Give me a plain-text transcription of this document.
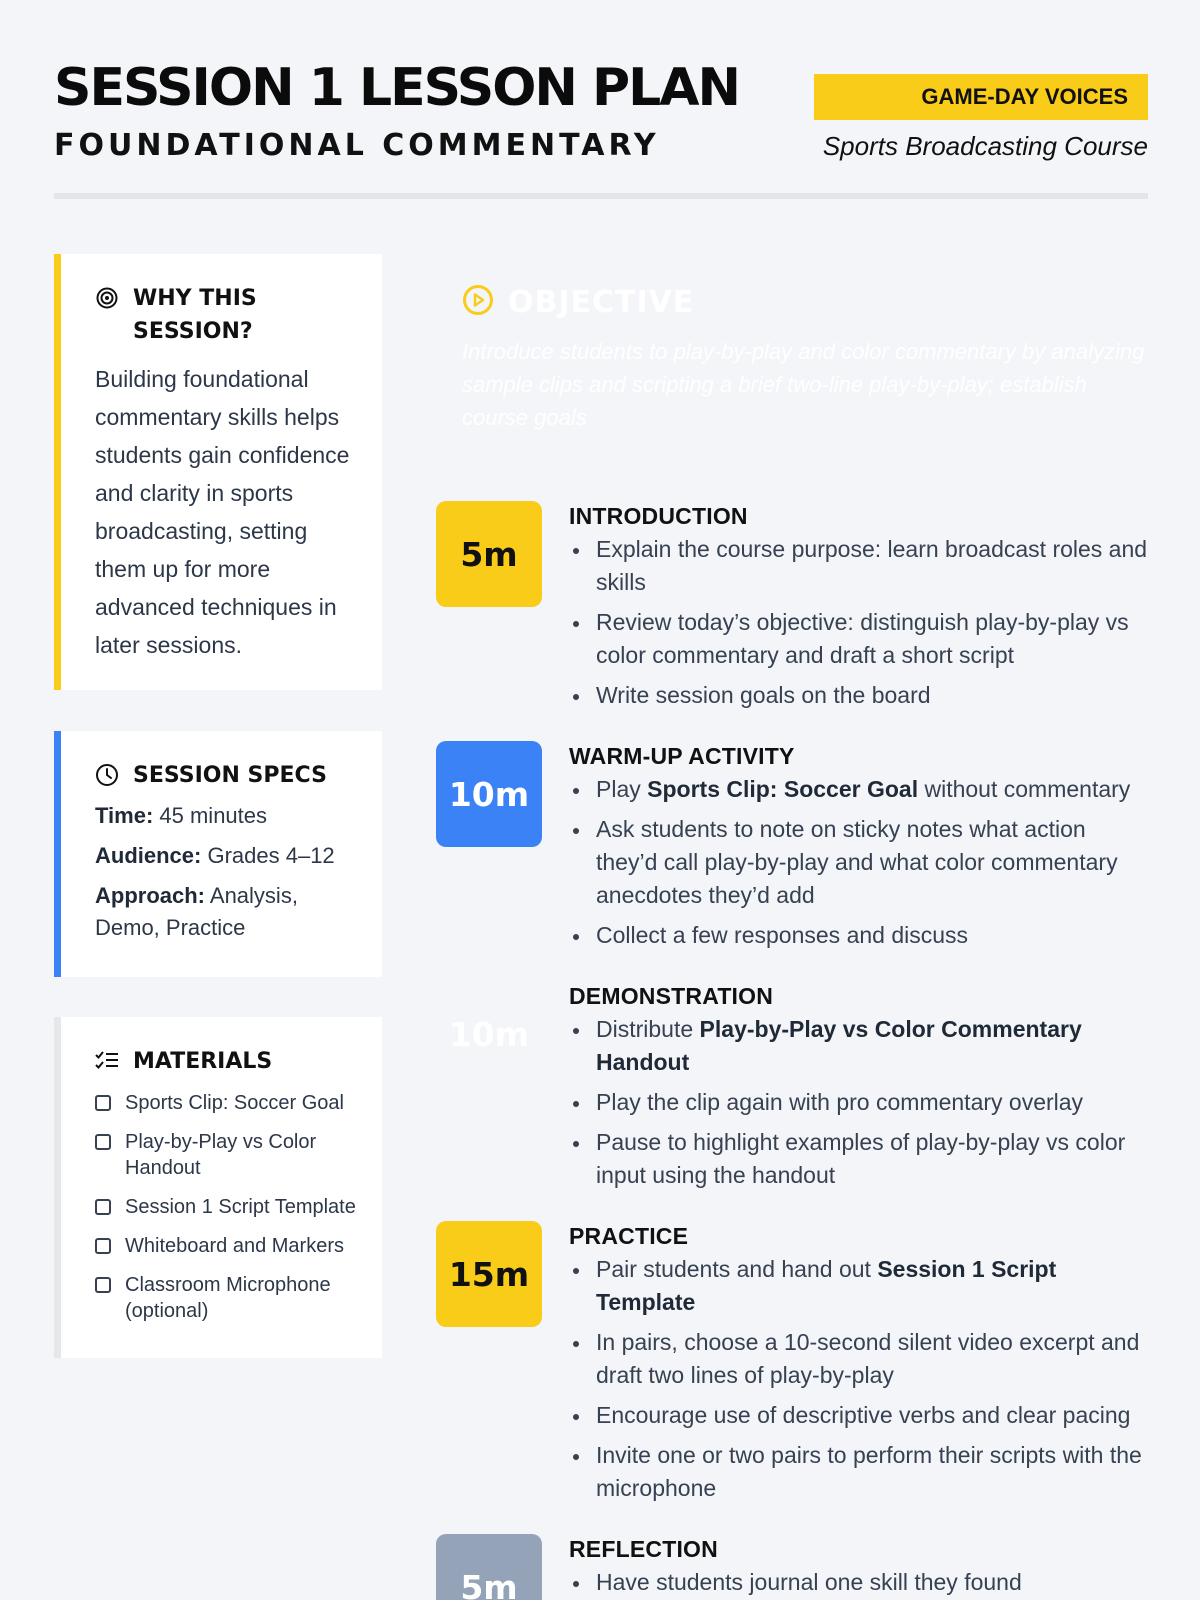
SESSION 1 LESSON PLAN
FOUNDATIONAL COMMENTARY
GAME-DAY VOICES
Sports Broadcasting Course
WHY THIS SESSION?
Building foundational commentary skills helps students gain confidence and clarity in sports broadcasting, setting them up for more advanced techniques in later sessions.
SESSION SPECS
Time: 45 minutes
Audience: Grades 4–12
Approach: Analysis, Demo, Practice
MATERIALS
Sports Clip: Soccer Goal
Play-by-Play vs Color Handout
Session 1 Script Template
Whiteboard and Markers
Classroom Microphone (optional)
OBJECTIVE
Introduce students to play-by-play and color commentary by analyzing sample clips and scripting a brief two-line play-by-play; establish course goals
5m
INTRODUCTION
Explain the course purpose: learn broadcast roles and skills
Review today’s objective: distinguish play-by-play vs color commentary and draft a short script
Write session goals on the board
10m
WARM-UP ACTIVITY
Play Sports Clip: Soccer Goal without commentary
Ask students to note on sticky notes what action they’d call play-by-play and what color commentary anecdotes they’d add
Collect a few responses and discuss
10m
DEMONSTRATION
Distribute Play-by-Play vs Color Commentary Handout
Play the clip again with pro commentary overlay
Pause to highlight examples of play-by-play vs color input using the handout
15m
PRACTICE
Pair students and hand out Session 1 Script Template
In pairs, choose a 10-second silent video excerpt and draft two lines of play-by-play
Encourage use of descriptive verbs and clear pacing
Invite one or two pairs to perform their scripts with the microphone
5m
REFLECTION
Have students journal one skill they found
